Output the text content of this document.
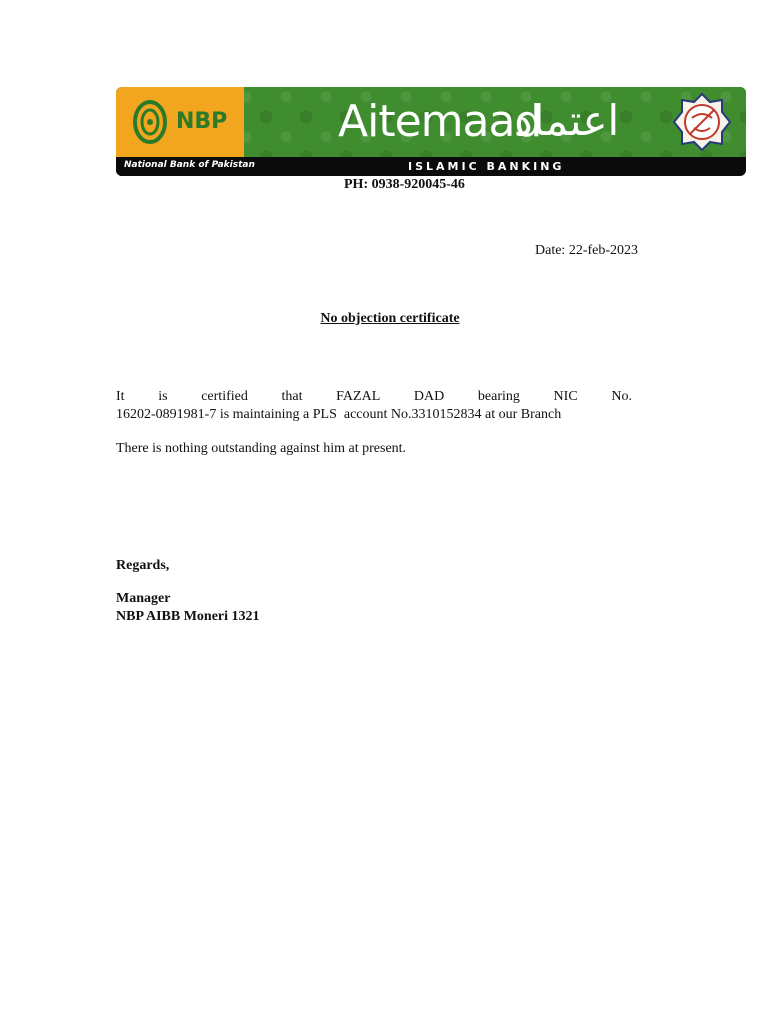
NBP	Aitemaad
اعتماد
National Bank of Pakistan	ISLAMIC BANKING
PH: 0938-920045-46
Date: 22-feb-2023
No objection certificate
It is certified that FAZAL DAD bearing NIC No.
16202-0891981-7 is maintaining a PLS  account No.3310152834 at our Branch
There is nothing outstanding against him at present.
Regards,
Manager
NBP AIBB Moneri 1321
